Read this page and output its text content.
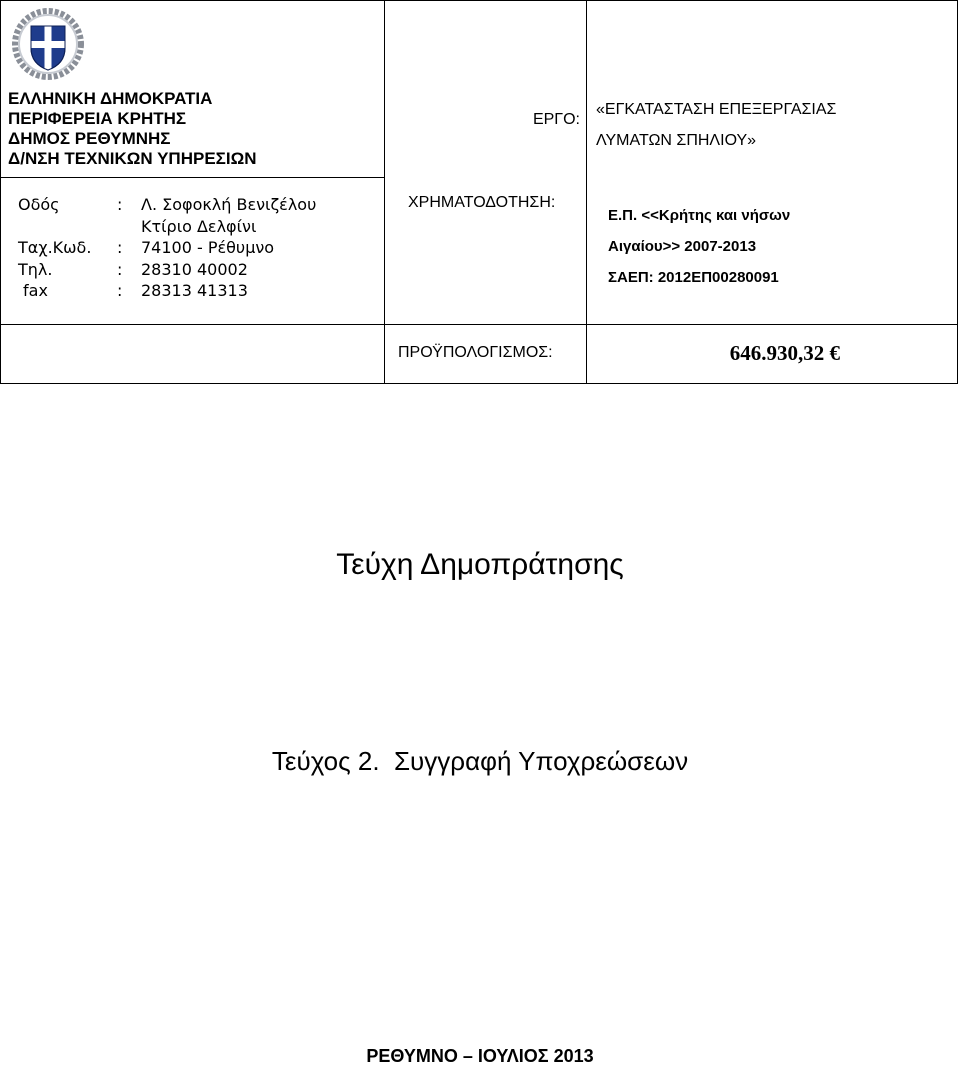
ΕΛΛΗΝΙΚΗ ΔΗΜΟΚΡΑΤΙΑ
ΠΕΡΙΦΕΡΕΙΑ ΚΡΗΤΗΣ
ΔΗΜΟΣ ΡΕΘΥΜΝΗΣ
Δ/ΝΣΗ ΤΕΧΝΙΚΩΝ ΥΠΗΡΕΣΙΩΝ
Οδός	:	Λ. Σοφοκλή Βενιζέλου
Κτίριο Δελφίνι
Ταχ.Κωδ.	:	74100 - Ρέθυμνο
Τηλ.	:	28310 40002
fax	:	28313 41313
ΕΡΓΟ:
«ΕΓΚΑΤΑΣΤΑΣΗ ΕΠΕΞΕΡΓΑΣΙΑΣ
ΛΥΜΑΤΩΝ ΣΠΗΛΙΟΥ»
ΧΡΗΜΑΤΟΔΟΤΗΣΗ:
Ε.Π. <<Κρήτης και νήσων
Αιγαίου>> 2007-2013
ΣΑΕΠ: 2012ΕΠ00280091
ΠΡΟΫΠΟΛΟΓΙΣΜΟΣ:	646.930,32 €
Τεύχη Δημοπράτησης
Τεύχος 2.  Συγγραφή Υποχρεώσεων
ΡΕΘΥΜΝΟ – ΙΟΥΛΙΟΣ 2013
